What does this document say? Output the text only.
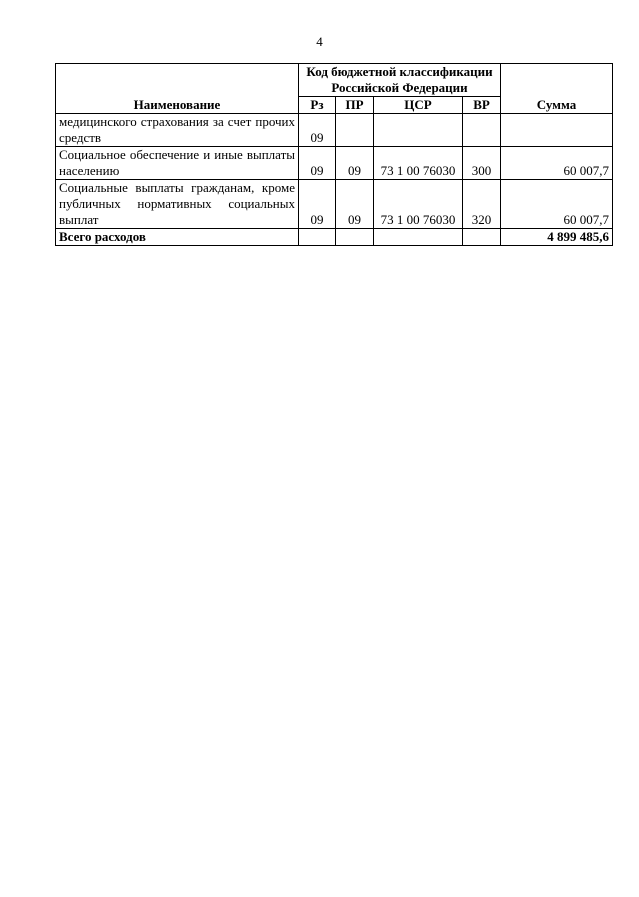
4
Наименование	Код бюджетной классификации Российской Федерации				Сумма
	Рз	ПР	ЦСР	ВР	
медицинского страхования за счет прочих средств	09				
Социальное обеспечение и иные выплаты населению	09	09	73 1 00 76030	300	60 007,7
Социальные выплаты гражданам, кроме публичных нормативных социальных выплат	09	09	73 1 00 76030	320	60 007,7
Всего расходов					4 899 485,6
